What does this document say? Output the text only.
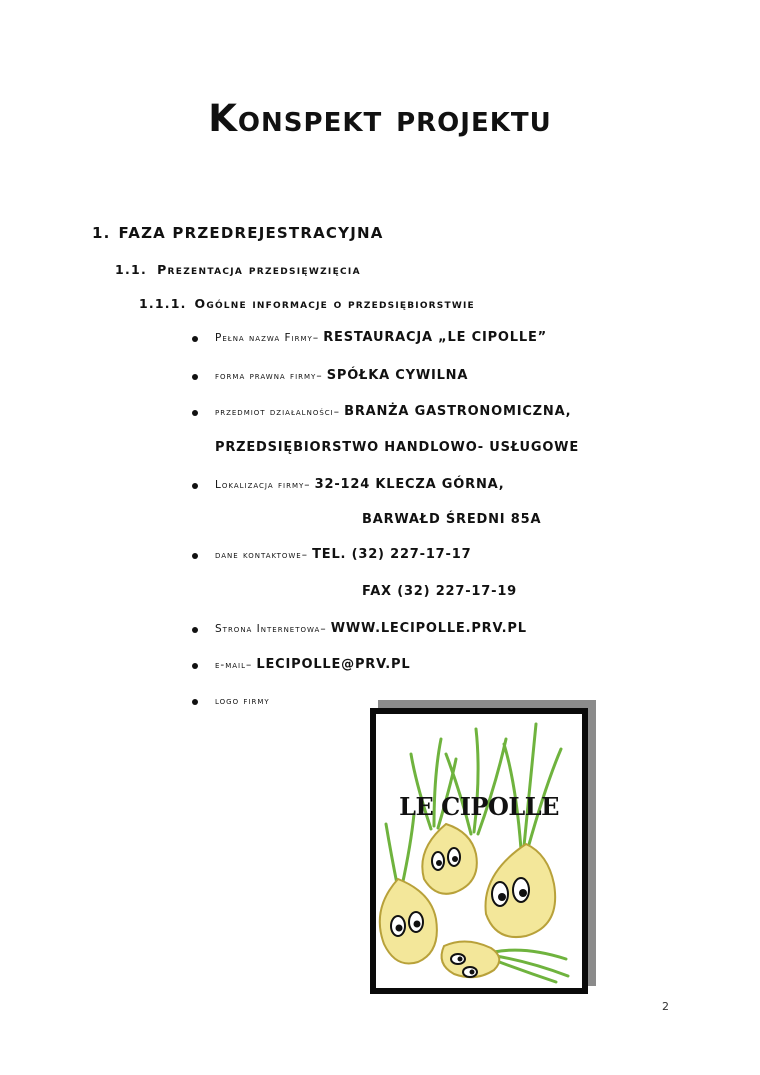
Konspekt projektu
1. FAZA PRZEDREJESTRACYJNA
1.1. Prezentacja przedsięwzięcia
1.1.1. Ogólne informacje o przedsiębiorstwie
Pełna nazwa Firmy– RESTAURACJA „LE CIPOLLE”
forma prawna firmy– SPÓŁKA CYWILNA
przedmiot działalności– BRANŻA GASTRONOMICZNA,
PRZEDSIĘBIORSTWO HANDLOWO- USŁUGOWE
Lokalizacja firmy– 32-124 KLECZA GÓRNA,
BARWAŁD ŚREDNI 85A
dane kontaktowe– TEL. (32) 227-17-17
FAX (32) 227-17-19
Strona Internetowa– WWW.LECIPOLLE.PRV.PL
e-mail– LECIPOLLE@PRV.PL
logo firmy
LE CIPOLLE
2
